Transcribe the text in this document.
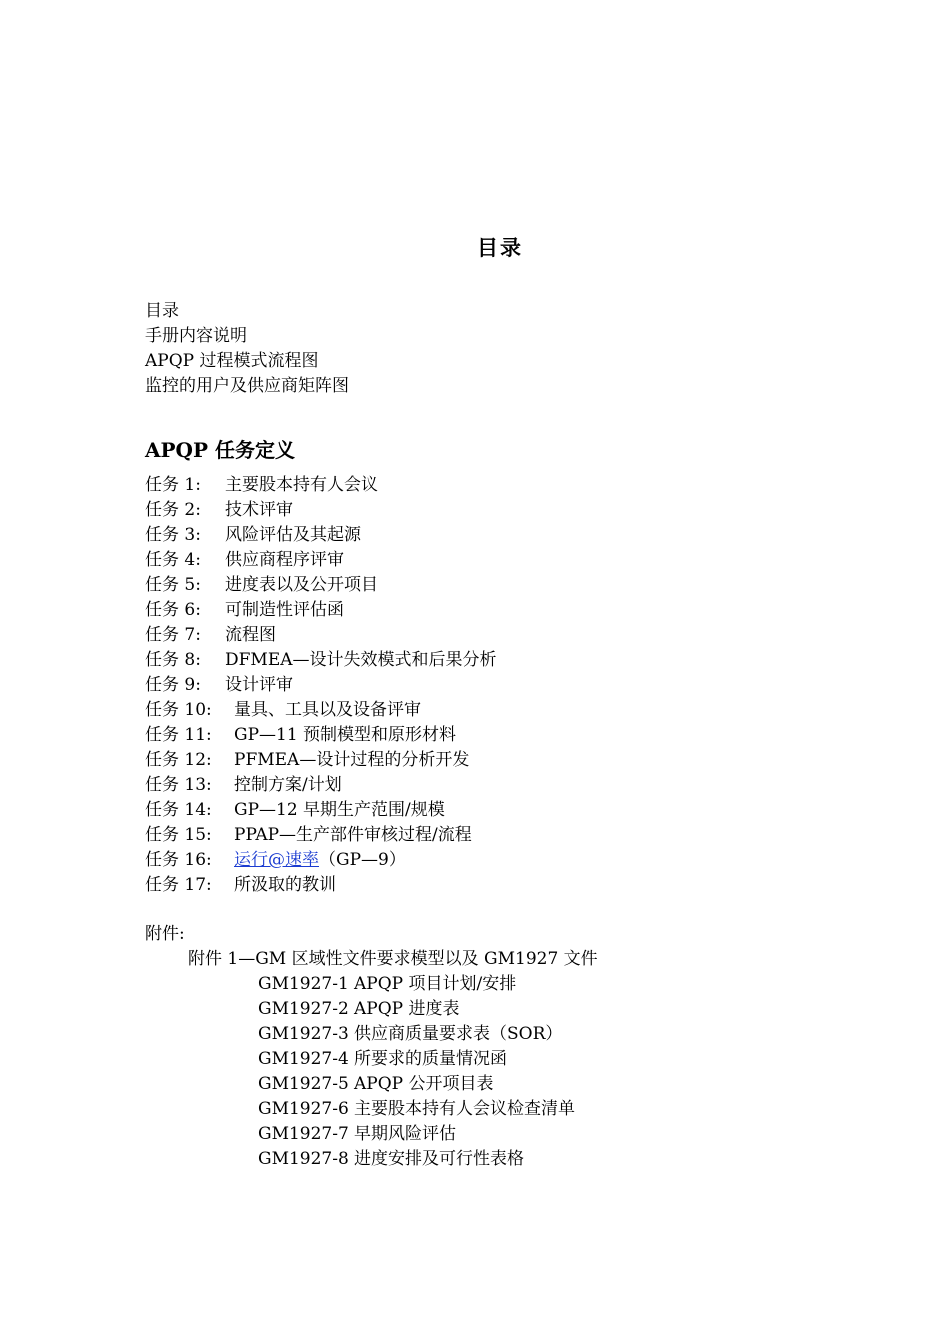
目录
目录
手册内容说明
APQP 过程模式流程图
监控的用户及供应商矩阵图
APQP 任务定义
任务 1:	主要股本持有人会议
任务 2:	技术评审
任务 3:	风险评估及其起源
任务 4:	供应商程序评审
任务 5:	进度表以及公开项目
任务 6:	可制造性评估函
任务 7:	流程图
任务 8:	DFMEA—设计失效模式和后果分析
任务 9:	设计评审
任务 10:	量具、工具以及设备评审
任务 11:	GP—11 预制模型和原形材料
任务 12:	PFMEA—设计过程的分析开发
任务 13:	控制方案/计划
任务 14:	GP—12 早期生产范围/规模
任务 15:	PPAP—生产部件审核过程/流程
任务 16:	运行@速率 （GP—9）
任务 17:	所汲取的教训
附件:
附件 1—GM 区域性文件要求模型以及 GM1927 文件
GM1927-1 APQP 项目计划/安排
GM1927-2 APQP 进度表
GM1927-3 供应商质量要求表（SOR）
GM1927-4 所要求的质量情况函
GM1927-5 APQP 公开项目表
GM1927-6 主要股本持有人会议检查清单
GM1927-7 早期风险评估
GM1927-8 进度安排及可行性表格
